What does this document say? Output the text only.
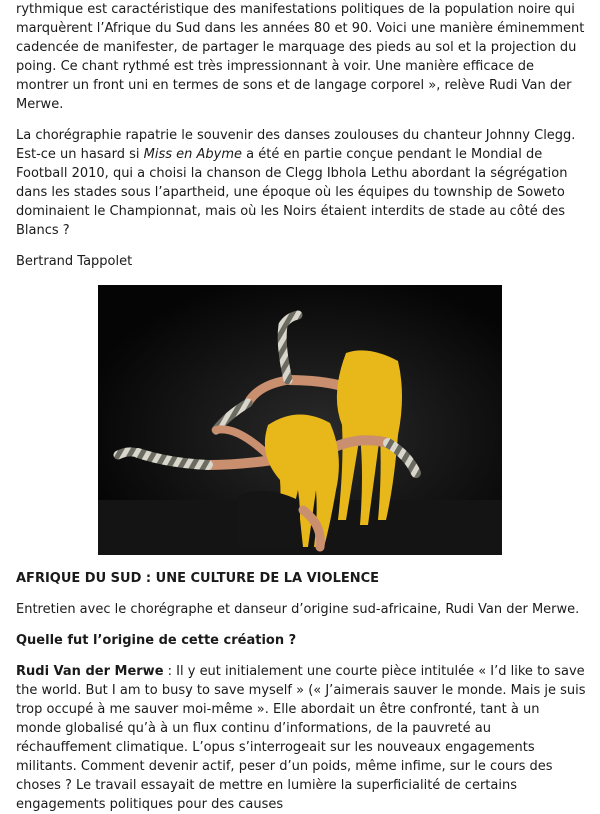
rythmique est caractéristique des manifestations politiques de la population noire qui marquèrent l’Afrique du Sud dans les années 80 et 90. Voici une manière éminemment cadencée de manifester, de partager le marquage des pieds au sol et la projection du poing. Ce chant rythmé est très impressionnant à voir. Une manière efficace de montrer un front uni en termes de sons et de langage corporel », relève Rudi Van der Merwe.

La chorégraphie rapatrie le souvenir des danses zoulouses du chanteur Johnny Clegg. Est-ce un hasard si Miss en Abyme a été en partie conçue pendant le Mondial de Football 2010, qui a choisi la chanson de Clegg Ibhola Lethu abordant la ségrégation dans les stades sous l’apartheid, une époque où les équipes du township de Soweto dominaient le Championnat, mais où les Noirs étaient interdits de stade au côté des Blancs ?

Bertrand Tappolet

AFRIQUE DU SUD : UNE CULTURE DE LA VIOLENCE

Entretien avec le chorégraphe et danseur d’origine sud-africaine, Rudi Van der Merwe.

Quelle fut l’origine de cette création ?

Rudi Van der Merwe : Il y eut initialement une courte pièce intitulée « I’d like to save the world. But I am to busy to save myself » (« J’aimerais sauver le monde. Mais je suis trop occupé à me sauver moi-même ». Elle abordait un être confronté, tant à un monde globalisé qu’à à un flux continu d’informations, de la pauvreté au réchauffement climatique. L’opus s’interrogeait sur les nouveaux engagements militants. Comment devenir actif, peser d’un poids, même infime, sur le cours des choses ? Le travail essayait de mettre en lumière la superficialité de certains engagements politiques pour des causes
